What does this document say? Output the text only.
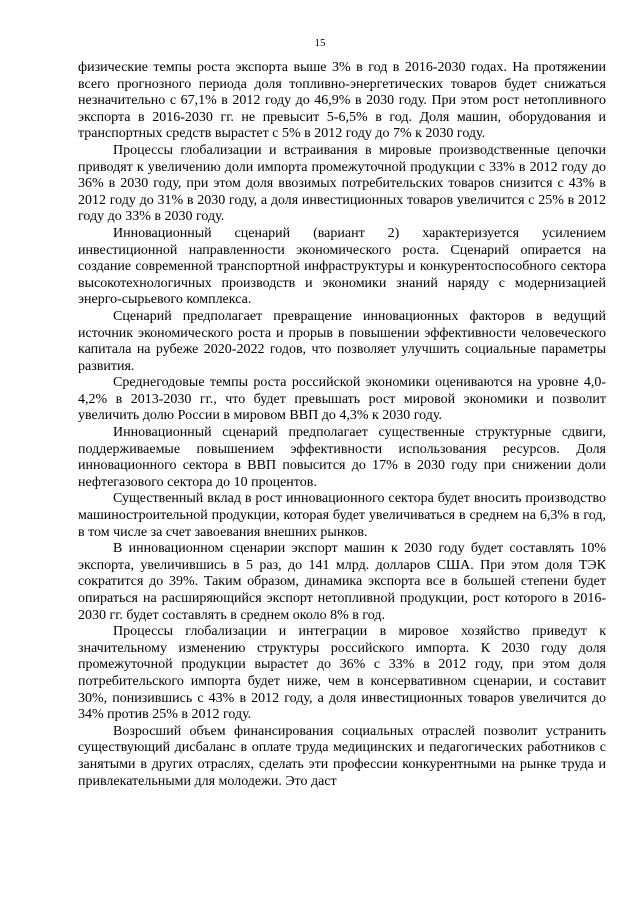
15

физические темпы роста экспорта выше 3% в год в 2016-2030 годах. На протяжении всего прогнозного периода доля топливно-энергетических товаров будет снижаться незначительно с 67,1% в 2012 году до 46,9% в 2030 году. При этом рост нетопливного экспорта в 2016-2030 гг. не превысит 5-6,5% в год. Доля машин, оборудования и транспортных средств вырастет с 5% в 2012 году до 7% к 2030 году.

Процессы глобализации и встраивания в мировые производственные цепочки приводят к увеличению доли импорта промежуточной продукции с 33% в 2012 году до 36% в 2030 году, при этом доля ввозимых потребительских товаров снизится с 43% в 2012 году до 31% в 2030 году, а доля инвестиционных товаров увеличится с 25% в 2012 году до 33% в 2030 году.

Инновационный сценарий (вариант 2) характеризуется усилением инвестиционной направленности экономического роста. Сценарий опирается на создание современной транспортной инфраструктуры и конкурентоспособного сектора высокотехнологичных производств и экономики знаний наряду с модернизацией энерго-сырьевого комплекса.

Сценарий предполагает превращение инновационных факторов в ведущий источник экономического роста и прорыв в повышении эффективности человеческого капитала на рубеже 2020-2022 годов, что позволяет улучшить социальные параметры развития.

Среднегодовые темпы роста российской экономики оцениваются на уровне 4,0-4,2% в 2013-2030 гг., что будет превышать рост мировой экономики и позволит увеличить долю России в мировом ВВП до 4,3% к 2030 году.

Инновационный сценарий предполагает существенные структурные сдвиги, поддерживаемые повышением эффективности использования ресурсов. Доля инновационного сектора в ВВП повысится до 17% в 2030 году при снижении доли нефтегазового сектора до 10 процентов.

Существенный вклад в рост инновационного сектора будет вносить производство машиностроительной продукции, которая будет увеличиваться в среднем на 6,3% в год, в том числе за счет завоевания внешних рынков.

В инновационном сценарии экспорт машин к 2030 году будет составлять 10% экспорта, увеличившись в 5 раз, до 141 млрд. долларов США. При этом доля ТЭК сократится до 39%. Таким образом, динамика экспорта все в большей степени будет опираться на расширяющийся экспорт нетопливной продукции, рост которого в 2016-2030 гг. будет составлять в среднем около 8% в год.

Процессы глобализации и интеграции в мировое хозяйство приведут к значительному изменению структуры российского импорта. К 2030 году доля промежуточной продукции вырастет до 36% с 33% в 2012 году, при этом доля потребительского импорта будет ниже, чем в консервативном сценарии, и составит 30%, понизившись с 43% в 2012 году, а доля инвестиционных товаров увеличится до 34% против 25% в 2012 году.

Возросший объем финансирования социальных отраслей позволит устранить существующий дисбаланс в оплате труда медицинских и педагогических работников с занятыми в других отраслях, сделать эти профессии конкурентными на рынке труда и привлекательными для молодежи. Это даст
